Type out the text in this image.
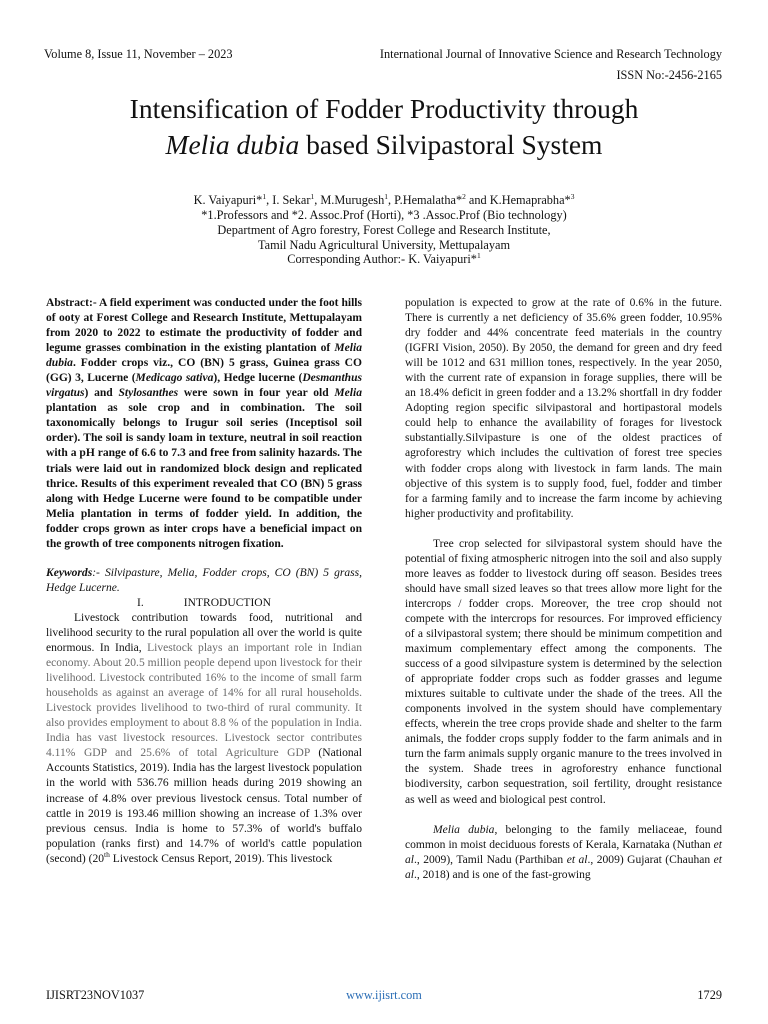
Volume 8, Issue 11, November – 2023	International Journal of Innovative Science and Research Technology
ISSN No:-2456-2165
Intensification of Fodder Productivity through
Melia dubia based Silvipastoral System
K. Vaiyapuri*$^1$, I. Sekar$^1$, M.Murugesh$^1$, P.Hemalatha*$^2$ and K.Hemaprabha*$^3$
*1.Professors and *2. Assoc.Prof (Horti), *3 .Assoc.Prof (Bio technology)
Department of Agro forestry, Forest College and Research Institute,
Tamil Nadu Agricultural University, Mettupalayam
Corresponding Author:- K. Vaiyapuri*$^1$

Abstract:- A field experiment was conducted under the foot hills of ooty at Forest College and Research Institute, Mettupalayam from 2020 to 2022 to estimate the productivity of fodder and legume grasses combination in the existing plantation of Melia dubia. Fodder crops viz., CO (BN) 5 grass, Guinea grass CO (GG) 3, Lucerne (Medicago sativa), Hedge lucerne (Desmanthus virgatus) and Stylosanthes were sown in four year old Melia plantation as sole crop and in combination. The soil taxonomically belongs to Irugur soil series (Inceptisol soil order). The soil is sandy loam in texture, neutral in soil reaction with a pH range of 6.6 to 7.3 and free from salinity hazards. The trials were laid out in randomized block design and replicated thrice. Results of this experiment revealed that CO (BN) 5 grass along with Hedge Lucerne were found to be compatible under Melia plantation in terms of fodder yield. In addition, the fodder crops grown as inter crops have a beneficial impact on the growth of tree components nitrogen fixation.

Keywords:- Silvipasture, Melia, Fodder crops, CO (BN) 5 grass, Hedge Lucerne.

I.	INTRODUCTION

Livestock contribution towards food, nutritional and livelihood security to the rural population all over the world is quite enormous. In India, Livestock plays an important role in Indian economy. About 20.5 million people depend upon livestock for their livelihood. Livestock contributed 16% to the income of small farm households as against an average of 14% for all rural households. Livestock provides livelihood to two-third of rural community. It also provides employment to about 8.8 % of the population in India. India has vast livestock resources. Livestock sector contributes 4.11% GDP and 25.6% of total Agriculture GDP (National Accounts Statistics, 2019). India has the largest livestock population in the world with 536.76 million heads during 2019 showing an increase of 4.8% over previous livestock census. Total number of cattle in 2019 is 193.46 million showing an increase of 1.3% over previous census. India is home to 57.3% of world's buffalo population (ranks first) and 14.7% of world's cattle population (second) (20th Livestock Census Report, 2019). This livestock

population is expected to grow at the rate of 0.6% in the future. There is currently a net deficiency of 35.6% green fodder, 10.95% dry fodder and 44% concentrate feed materials in the country (IGFRI Vision, 2050). By 2050, the demand for green and dry feed will be 1012 and 631 million tones, respectively. In the year 2050, with the current rate of expansion in forage supplies, there will be an 18.4% deficit in green fodder and a 13.2% shortfall in dry fodder Adopting region specific silvipastoral and hortipastoral models could help to enhance the availability of forages for livestock substantially.Silvipasture is one of the oldest practices of agroforestry which includes the cultivation of forest tree species with fodder crops along with livestock in farm lands. The main objective of this system is to supply food, fuel, fodder and timber for a farming family and to increase the farm income by achieving higher productivity and profitability.

Tree crop selected for silvipastoral system should have the potential of fixing atmospheric nitrogen into the soil and also supply more leaves as fodder to livestock during off season. Besides trees should have small sized leaves so that trees allow more light for the intercrops / fodder crops. Moreover, the tree crop should not compete with the intercrops for resources. For improved efficiency of a silvipastoral system; there should be minimum competition and maximum complementary effect among the components. The success of a good silvipasture system is determined by the selection of appropriate fodder crops such as fodder grasses and legume mixtures suitable to cultivate under the shade of the trees. All the components involved in the system should have complementary effects, wherein the tree crops provide shade and shelter to the farm animals, the fodder crops supply fodder to the farm animals and in turn the farm animals supply organic manure to the trees involved in the system. Shade trees in agroforestry enhance functional biodiversity, carbon sequestration, soil fertility, drought resistance as well as weed and biological pest control.

Melia dubia, belonging to the family meliaceae, found common in moist deciduous forests of Kerala, Karnataka (Nuthan et al., 2009), Tamil Nadu (Parthiban et al., 2009) Gujarat (Chauhan et al., 2018) and is one of the fast-growing

IJISRT23NOV1037	www.ijisrt.com	1729
